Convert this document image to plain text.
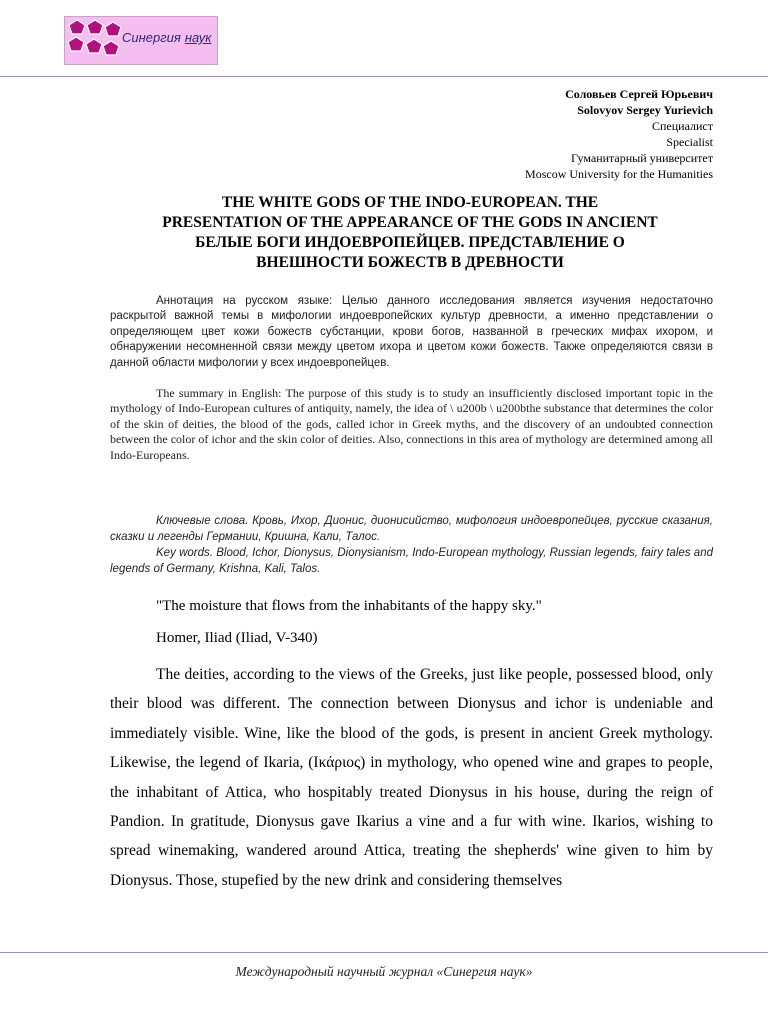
Синергия наук
Соловьев Сергей Юрьевич
Solovyov Sergey Yurievich
Специалист
Specialist
Гуманитарный университет
Moscow University for the Humanities
THE WHITE GODS OF THE INDO-EUROPEAN. THE
PRESENTATION OF THE APPEARANCE OF THE GODS IN ANCIENT
БЕЛЫЕ БОГИ ИНДОЕВРОПЕЙЦЕВ. ПРЕДСТАВЛЕНИЕ О
ВНЕШНОСТИ БОЖЕСТВ В ДРЕВНОСТИ
Аннотация на русском языке: Целью данного исследования является изучения недостаточно раскрытой важной темы в мифологии индоевропейских культур древности, а именно представлении о определяющем цвет кожи божеств субстанции, крови богов, названной в греческих мифах ихором, и обнаружении несомненной связи между цветом ихора и цветом кожи божеств. Также определяются связи в данной области мифологии у всех индоевропейцев.
The summary in English: The purpose of this study is to study an insufficiently disclosed important topic in the mythology of Indo-European cultures of antiquity, namely, the idea of \ u200b \ u200bthe substance that determines the color of the skin of deities, the blood of the gods, called ichor in Greek myths, and the discovery of an undoubted connection between the color of ichor and the skin color of deities. Also, connections in this area of mythology are determined among all Indo-Europeans.
Ключевые слова. Кровь, Ихор, Дионис, дионисийство, мифология индоевропейцев, русские сказания, сказки и легенды Германии, Кришна, Кали, Талос.
Key words. Blood, Ichor, Dionysus, Dionysianism, Indo-European mythology, Russian legends, fairy tales and legends of Germany, Krishna, Kali, Talos.
"The moisture that flows from the inhabitants of the happy sky."
Homer, Iliad (Iliad, V-340)
The deities, according to the views of the Greeks, just like people, possessed blood, only their blood was different. The connection between Dionysus and ichor is undeniable and immediately visible. Wine, like the blood of the gods, is present in ancient Greek mythology. Likewise, the legend of Ikaria, (Ικάριος) in mythology, who opened wine and grapes to people, the inhabitant of Attica, who hospitably treated Dionysus in his house, during the reign of Pandion. In gratitude, Dionysus gave Ikarius a vine and a fur with wine. Ikarios, wishing to spread winemaking, wandered around Attica, treating the shepherds' wine given to him by Dionysus. Those, stupefied by the new drink and considering themselves
Международный научный журнал «Синергия наук»
